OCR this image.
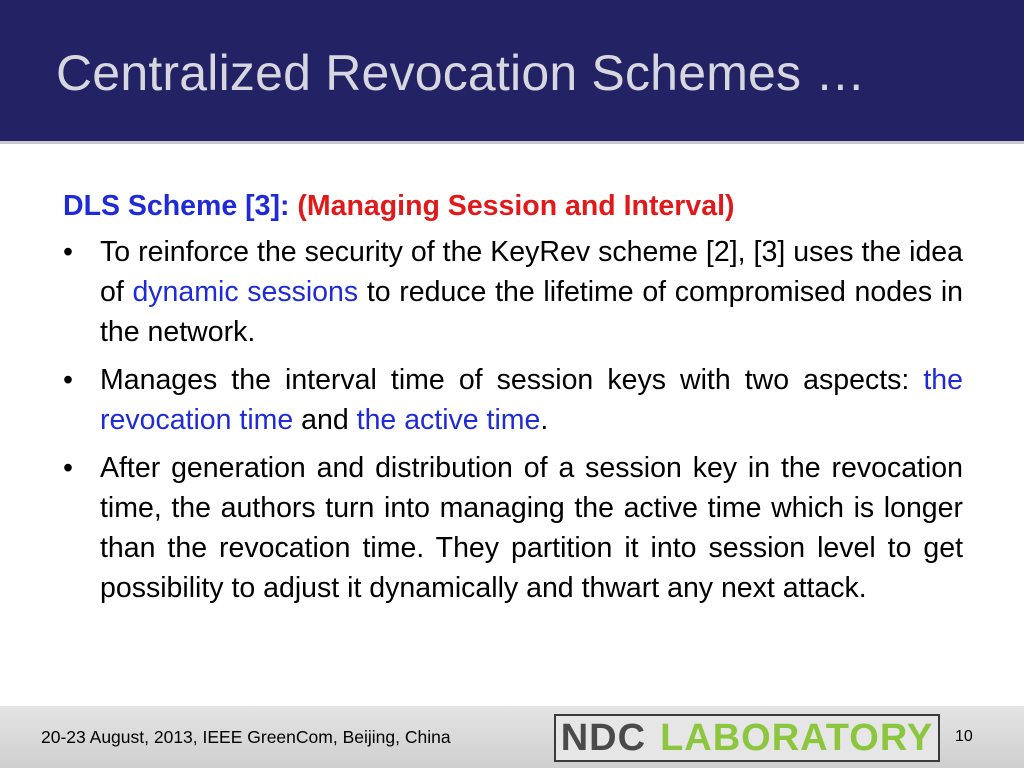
Centralized Revocation Schemes …
DLS Scheme [3]: (Managing Session and Interval)
• To reinforce the security of the KeyRev scheme [2], [3] uses the idea of dynamic sessions to reduce the lifetime of compromised nodes in the network.
• Manages the interval time of session keys with two aspects: the revocation time and the active time.
• After generation and distribution of a session key in the revocation time, the authors turn into managing the active time which is longer than the revocation time. They partition it into session level to get possibility to adjust it dynamically and thwart any next attack.
20-23 August, 2013, IEEE GreenCom, Beijing, China	NDC LABORATORY 10
